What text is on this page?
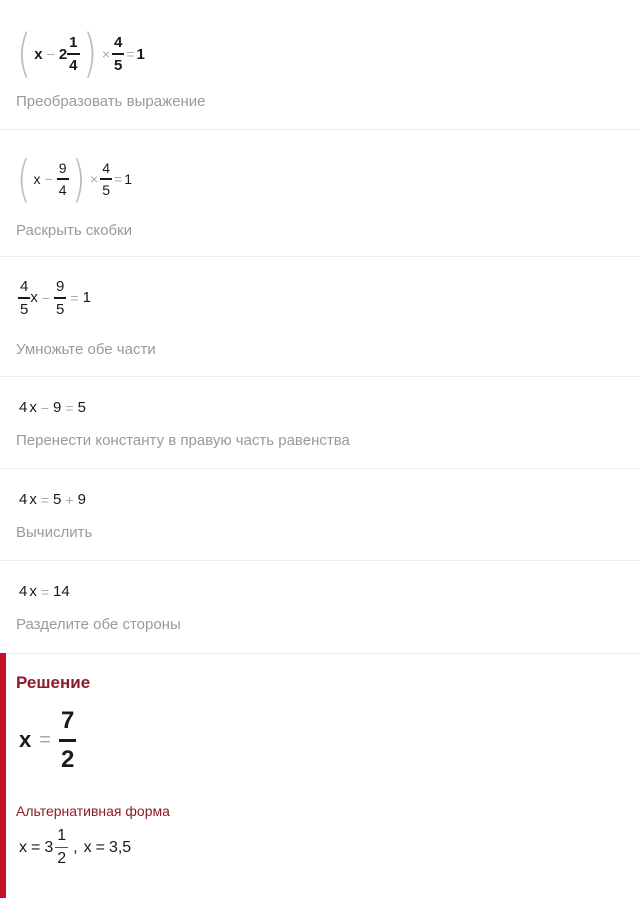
( $x - 2 \frac{1}{4}$ ) × $\frac{4}{5} = 1$
Преобразовать выражение
( $x - \frac{9}{4}$ ) × $\frac{4}{5} = 1$
Раскрыть скобки
$\frac{4}{5}$ $x - \frac{9}{5} = 1$
Умножьте обе части
4 x − 9 = 5
Перенести константу в правую часть равенства
4 x = 5 + 9
Вычислить
4 x = 14
Разделите обе стороны
Решение
$x = \frac{7}{2}$
Альтернативная форма
$x = 3 \frac{1}{2}$ , x = 3,5
